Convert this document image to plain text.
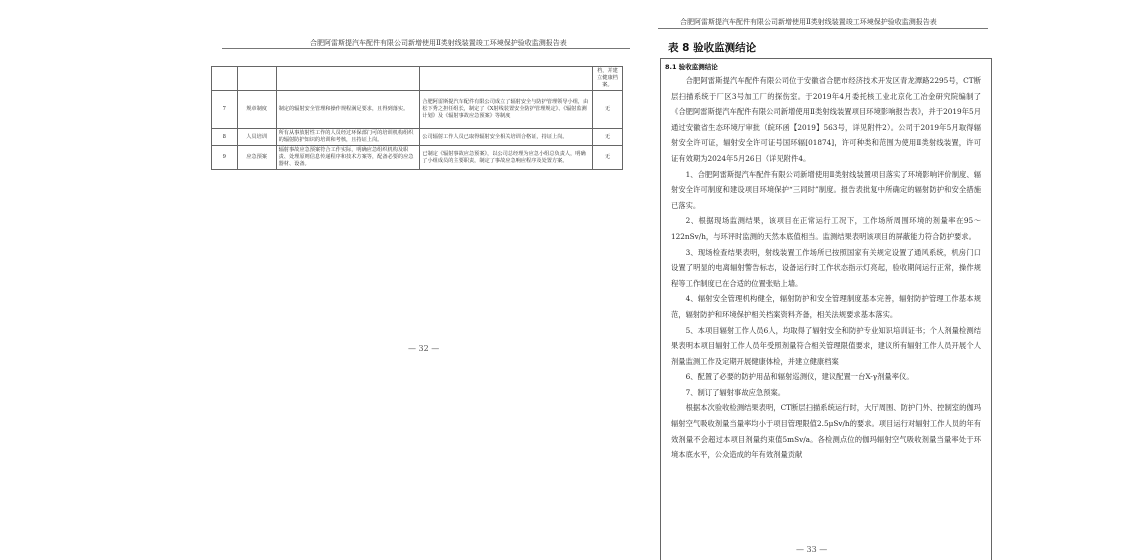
合肥阿雷斯提汽车配件有限公司新增使用Ⅱ类射线装置竣工环境保护验收监测报告表
				档，并建立健康档案。
7	规章制度	制定的辐射安全管理和操作规程满足要求，且得到落实。	合肥阿雷斯提汽车配件有限公司成立了辐射安全与防护管理领导小组，由松下秀之担任组长，制定了《X射线装置安全防护管理规定》、《辐射监测计划》及《辐射事故应急预案》等制度	无
8	人员培训	所有从事放射性工作的人员经过环保部门可的培训机构组织的辐射防护知识的培训和考核，且持证上岗。	公司辐射工作人员已取得辐射安全相关培训合格证，持证上岗。	无
9	应急预案	辐射事故应急预案符合工作实际，明确应急组织机构及职责、处理原则信息传递程序和技术方案等，配备必要的应急器材、设备。	已制定《辐射事故应急预案》，以公司总经理为应急小组总负责人，明确了小组成员的主要职责，制定了事故应急响应程序及处置方案。	无
— 32 —
合肥阿雷斯提汽车配件有限公司新增使用Ⅱ类射线装置竣工环境保护验收监测报告表
表 8 验收监测结论
8.1 验收监测结论

合肥阿雷斯提汽车配件有限公司位于安徽省合肥市经济技术开发区青龙潭路2295号，CT断层扫描系统于厂区3号加工厂的探伤室。于2019年4月委托核工业北京化工冶金研究院编制了《合肥阿雷斯提汽车配件有限公司新增使用Ⅱ类射线装置项目环境影响报告表》，并于2019年5月通过安徽省生态环境厅审批（皖环函【2019】563号，详见附件2）。公司于2019年5月取得辐射安全许可证，辐射安全许可证号国环辐[01874]，许可种类和范围为使用Ⅱ类射线装置，许可证有效期为2024年5月26日（详见附件4。

1、合肥阿雷斯提汽车配件有限公司新增使用Ⅱ类射线装置项目落实了环境影响评价制度、辐射安全许可制度和建设项目环境保护“三同时”制度。报告表批复中所确定的辐射防护和安全措施已落实。

2、根据现场监测结果，该项目在正常运行工况下，工作场所周围环境的剂量率在95～122nSv/h，与环评时监测的天然本底值相当。监测结果表明该项目的屏蔽能力符合防护要求。

3、现场检查结果表明，射线装置工作场所已按照国家有关规定设置了通风系统，机房门口设置了明显的电离辐射警告标志，设备运行时工作状态指示灯亮起，验收期间运行正常，操作规程等工作制度已在合适的位置张贴上墙。

4、辐射安全管理机构健全，辐射防护和安全管理制度基本完善，辐射防护管理工作基本规范，辐射防护和环境保护相关档案资料齐备，相关法规要求基本落实。

5、本项目辐射工作人员6人，均取得了辐射安全和防护专业知识培训证书；个人剂量检测结果表明本项目辐射工作人员年受照剂量符合相关管理限值要求，建议所有辐射工作人员开展个人剂量监测工作及定期开展健康体检，并建立健康档案

6、配置了必要的防护用品和辐射巡测仪，建议配置一台X-γ剂量率仪。

7、制订了辐射事故应急预案。

根据本次验收检测结果表明，CT断层扫描系统运行时，大厅周围、防护门外、控制室的伽玛辐射空气吸收剂量当量率均小于项目管理限值2.5μSv/h的要求。项目运行对辐射工作人员的年有效剂量不会超过本项目剂量约束值5mSv/a。各检测点位的伽玛辐射空气吸收剂量当量率处于环境本底水平，公众造成的年有效剂量贡献

— 33 —
